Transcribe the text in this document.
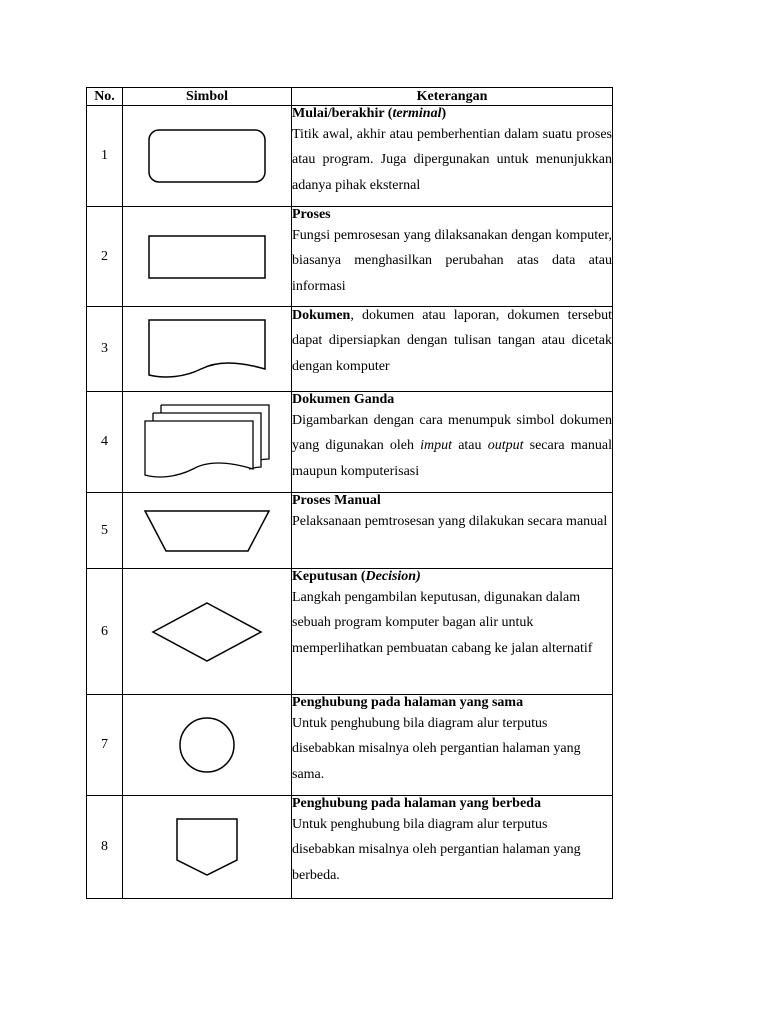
No.	Simbol	Keterangan
1		Mulai/berakhir (terminal)
Titik awal, akhir atau pemberhentian dalam suatu proses atau program. Juga dipergunakan untuk menunjukkan adanya pihak eksternal

2		Proses
Fungsi pemrosesan yang dilaksanakan dengan komputer, biasanya menghasilkan perubahan atas data atau informasi

3		Dokumen, dokumen atau laporan, dokumen tersebut dapat dipersiapkan dengan tulisan tangan atau dicetak dengan komputer

4		Dokumen Ganda
Digambarkan dengan cara menumpuk simbol dokumen yang digunakan oleh imput atau output secara manual maupun komputerisasi

5		Proses Manual
Pelaksanaan pemtrosesan yang dilakukan secara manual

6		Keputusan (Decision)
Langkah pengambilan keputusan, digunakan dalam sebuah program komputer bagan alir untuk memperlihatkan pembuatan cabang ke jalan alternatif

7		Penghubung pada halaman yang sama
Untuk penghubung bila diagram alur terputus disebabkan misalnya oleh pergantian halaman yang sama.

8		Penghubung pada halaman yang berbeda
Untuk penghubung bila diagram alur terputus disebabkan misalnya oleh pergantian halaman yang berbeda.
